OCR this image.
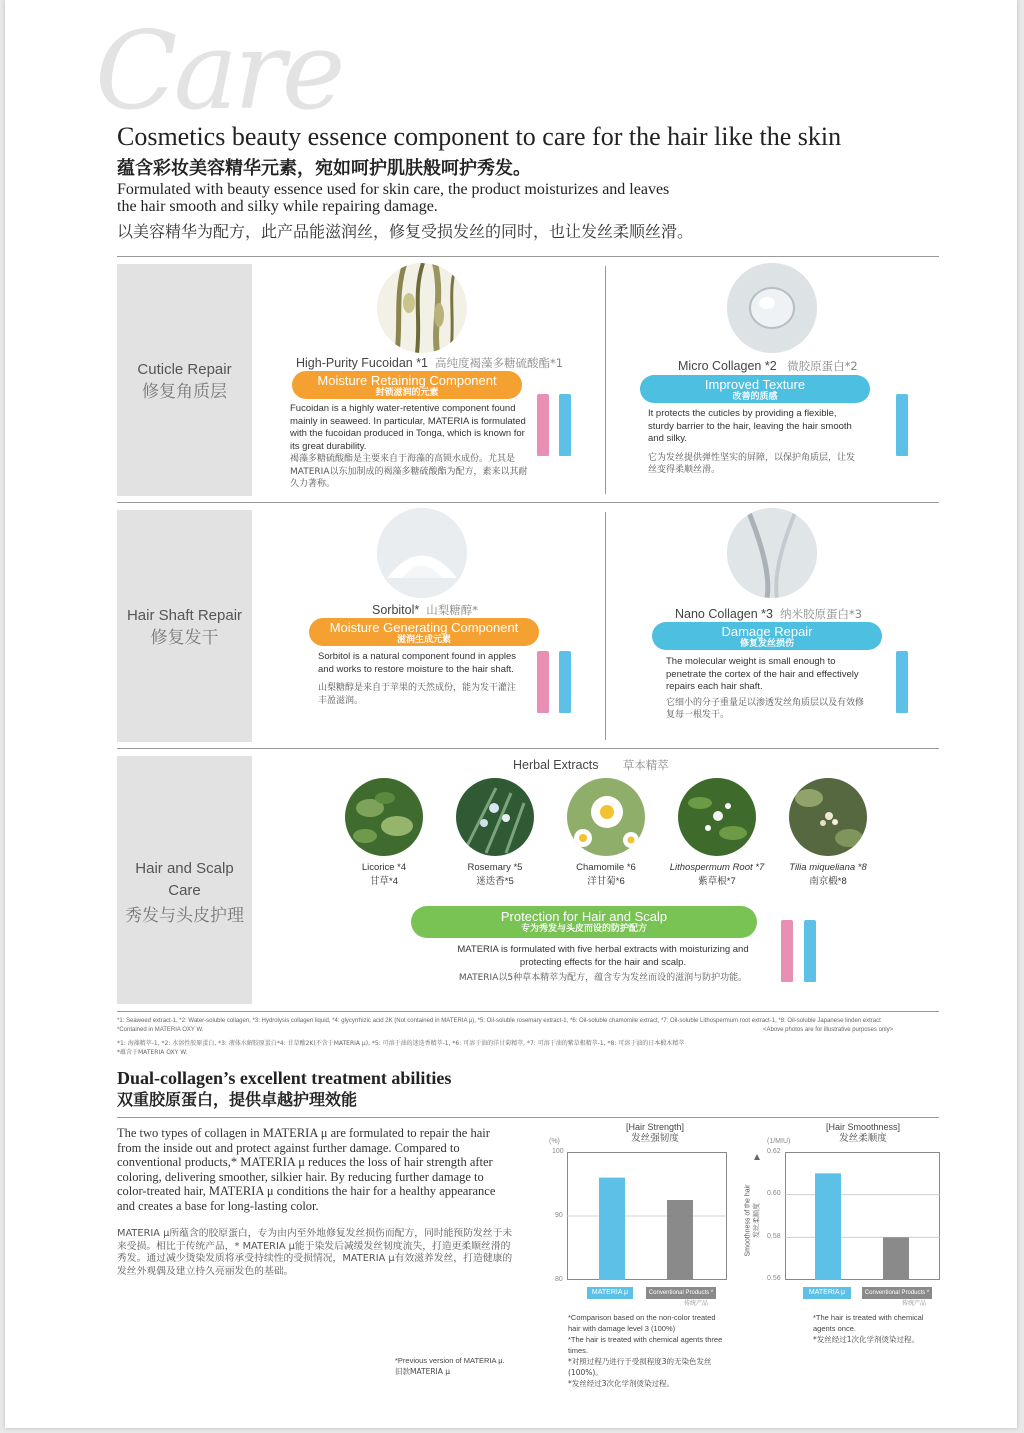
Care
Cosmetics beauty essence component to care for the hair like the skin
蕴含彩妆美容精华元素，宛如呵护肌肤般呵护秀发。
Formulated with beauty essence used for skin care, the product moisturizes and leaves the hair smooth and silky while repairing damage.
以美容精华为配方，此产品能滋润丝，修复受损发丝的同时，也让发丝柔顺丝滑。
Cuticle Repair
修复角质层
High-Purity Fucoidan *1 高纯度褐藻多糖硫酸酯*1
Moisture Retaining Component
封锁滋润的元素
Fucoidan is a highly water-retentive component found mainly in seaweed. In particular, MATERIA is formulated with the fucoidan produced in Tonga, which is known for its great durability.
褐藻多糖硫酸酯是主要来自于海藻的高锁水成份。尤其是MATERIA以东加制成的褐藻多糖硫酸酯为配方，素来以其耐久力著称。
Micro Collagen *2 微胶原蛋白*2
Improved Texture
改善的质感
It protects the cuticles by providing a flexible, sturdy barrier to the hair, leaving the hair smooth and silky.
它为发丝提供弹性坚实的屏障，以保护角质层，让发丝变得柔顺丝滑。
Hair Shaft Repair
修复发干
Sorbitol* 山梨糖醇*
Moisture Generating Component
滋润生成元素
Sorbitol is a natural component found in apples and works to restore moisture to the hair shaft.
山梨糖醇是来自于苹果的天然成份，能为发干灌注丰盈滋润。
Nano Collagen *3 纳米胶原蛋白*3
Damage Repair
修复发丝损伤
The molecular weight is small enough to penetrate the cortex of the hair and effectively repairs each hair shaft.
它细小的分子重量足以渗透发丝角质层以及有效修复每一根发干。
Hair and Scalp
Care
秀发与头皮护理
Herbal Extracts 草本精萃
Licorice *4
甘草*4
Rosemary *5
迷迭香*5
Chamomile *6
洋甘菊*6
Lithospermum Root *7
紫草根*7
Tilia miqueliana *8
南京椴*8
Protection for Hair and Scalp
专为秀发与头皮而设的防护配方
MATERIA is formulated with five herbal extracts with moisturizing and protecting effects for the hair and scalp.
MATERIA以5种草本精萃为配方，蕴含专为发丝而设的滋润与防护功能。
*1: Seaweed extract-1, *2: Water-soluble collagen, *3: Hydrolysis collagen liquid, *4: glycyrrhizic acid 2K (Not contained in MATERIA μ), *5: Oil-soluble rosemary extract-1, *6: Oil-soluble chamomile extract, *7: Oil-soluble Lithospermum root extract-1, *8: Oil-soluble Japanese linden extract
*Contained in MATERIA OXY W.	<Above photos are for illustrative purposes only>
*1: 海藻精萃-1, *2: 水溶性胶原蛋白, *3: 液体水解胶原蛋白*4: 甘草酸2K(不含于MATERIA μ), *5: 可溶于油的迷迭香精萃-1, *6: 可溶于油的洋甘菊精萃, *7: 可溶于油的紫草根精萃-1, *8: 可溶于油的日本椴木精萃
*蕴含于MATERIA OXY W.
Dual-collagen’s excellent treatment abilities
双重胶原蛋白，提供卓越护理效能
The two types of collagen in MATERIA μ are formulated to repair the hair from the inside out and protect against further damage. Compared to conventional products,* MATERIA μ reduces the loss of hair strength after coloring, delivering smoother, silkier hair. By reducing further damage to color-treated hair, MATERIA μ conditions the hair for a healthy appearance and creates a base for long-lasting color.
MATERIA μ所蕴含的胶原蛋白，专为由内至外地修复发丝损伤而配方，同时能预防发丝于未来受损。相比于传统产品，* MATERIA μ能于染发后减缓发丝韧度流失，打造更柔顺丝滑的秀发。通过减少烫染发质将承受持续性的受损情况，MATERIA μ有效滋养发丝，打造健康的发丝外观偶及建立持久亮丽发色的基础。
*Previous version of MATERIA μ.
旧款MATERIA μ
[Hair Strength]
发丝强韧度
(%)
100
90
80
MATERIA μ	Conventional Products *
传统产品
*Comparison based on the non-color treated hair with damage level 3 (100%)
*The hair is treated with chemical agents three times.
*对照过程乃进行于受损程度3的无染色发丝(100%)。
*发丝经过3次化学剂烫染过程。
[Hair Smoothness]
发丝柔顺度
(1/MIU)
0.62
0.60
0.58
0.56
Smoothness of the hair 发丝柔顺度
MATERIA μ	Conventional Products *
传统产品
*The hair is treated with chemical agents once.
*发丝经过1次化学剂烫染过程。
